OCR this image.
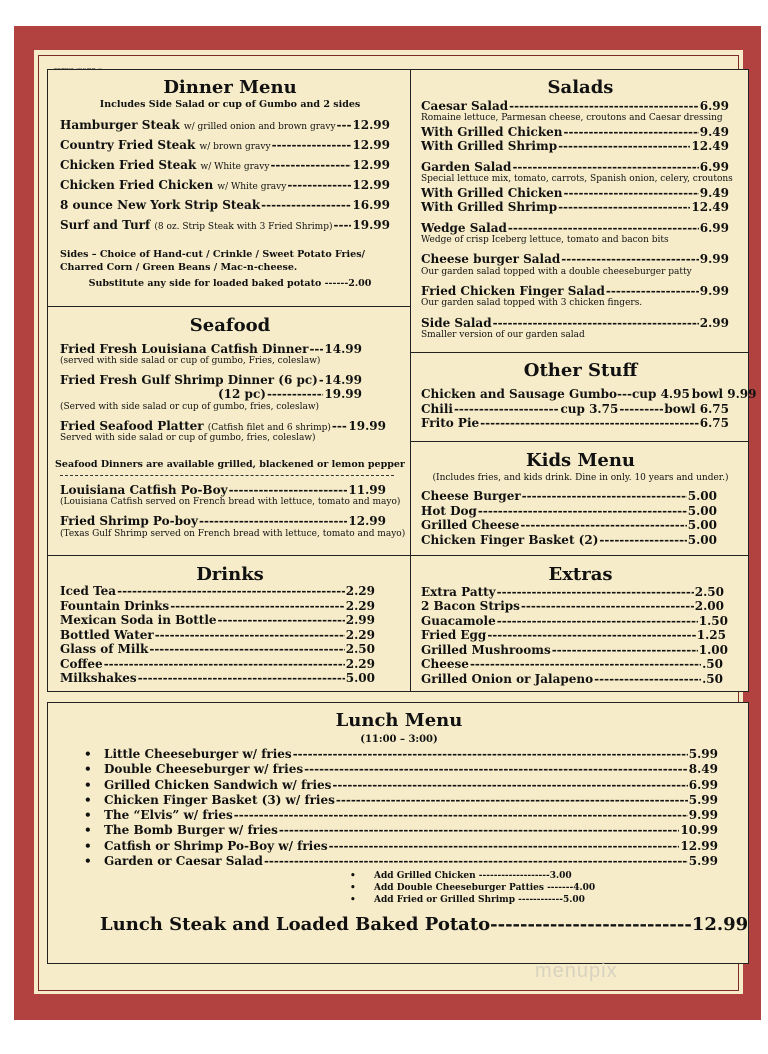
Dinner Menu
Includes Side Salad or cup of Gumbo and 2 sides
Hamburger Steak w/ grilled onion and brown gravy ----- 12.99
Country Fried Steak w/ brown gravy -----	12.99
Chicken Fried Steak w/ White gravy -----	12.99
Chicken Fried Chicken w/ White gravy -----	12.99
8 ounce New York Strip Steak -----	16.99
Surf and Turf (8 oz. Strip Steak with 3 Fried Shrimp) ----- 19.99
Sides – Choice of Hand-cut / Crinkle / Sweet Potato Fries/ Charred Corn / Green Beans / Mac-n-cheese.
Substitute any side for loaded baked potato ------2.00
Seafood
Fried Fresh Louisiana Catfish Dinner ----- 14.99
(served with side salad or cup of gumbo, Fries, coleslaw)
Fried Fresh Gulf Shrimp Dinner (6 pc) ----- 14.99
(12 pc) -----	19.99
(Served with side salad or cup of gumbo, fries, coleslaw)
Fried Seafood Platter (Catfish filet and 6 shrimp) ----- 19.99
Served with side salad or cup of gumbo, fries, coleslaw)
Seafood Dinners are available grilled, blackened or lemon pepper
Louisiana Catfish Po-Boy -----	11.99
(Louisiana Catfish served on French bread with lettuce, tomato and mayo)
Fried Shrimp Po-boy -----	12.99
(Texas Gulf Shrimp served on French bread with lettuce, tomato and mayo)
Salads
Caesar Salad -----	6.99
Romaine lettuce, Parmesan cheese, croutons and Caesar dressing
With Grilled Chicken -----	9.49
With Grilled Shrimp -----	12.49
Garden Salad -----	6.99
Special lettuce mix, tomato, carrots, Spanish onion, celery, croutons
With Grilled Chicken -----	9.49
With Grilled Shrimp -----	12.49
Wedge Salad -----	6.99
Wedge of crisp Iceberg lettuce, tomato and bacon bits
Cheese burger Salad -----	9.99
Our garden salad topped with a double cheeseburger patty
Fried Chicken Finger Salad -----	9.99
Our garden salad topped with 3 chicken fingers.
Side Salad -----	2.99
Smaller version of our garden salad
Other Stuff
Chicken and Sausage Gumbo---cup 4.95 bowl 9.99
Chili -----	cup 3.75 -----	bowl 6.75
Frito Pie -----	6.75
Kids Menu
(Includes fries, and kids drink. Dine in only. 10 years and under.)
Cheese Burger -----	5.00
Hot Dog -----	5.00
Grilled Cheese -----	5.00
Chicken Finger Basket (2) -----	5.00
Drinks
Iced Tea -----	2.29
Fountain Drinks -----	2.29
Mexican Soda in Bottle -----	2.99
Bottled Water -----	2.29
Glass of Milk -----	2.50
Coffee -----	2.29
Milkshakes -----	5.00
Extras
Extra Patty -----	2.50
2 Bacon Strips -----	2.00
Guacamole -----	1.50
Fried Egg -----	1.25
Grilled Mushrooms -----	1.00
Cheese -----	.50
Grilled Onion or Jalapeno -----	.50
Lunch Menu
(11:00 – 3:00)
• Little Cheeseburger w/ fries -----	5.99
• Double Cheeseburger w/ fries -----	8.49
• Grilled Chicken Sandwich w/ fries -----	6.99
• Chicken Finger Basket (3) w/ fries -----	5.99
• The “Elvis” w/ fries -----	9.99
• The Bomb Burger w/ fries -----	10.99
• Catfish or Shrimp Po-Boy w/ fries -----	12.99
• Garden or Caesar Salad -----	5.99
• Add Grilled Chicken -------------------3.00
• Add Double Cheeseburger Patties -------4.00
• Add Fried or Grilled Shrimp ------------5.00
Lunch Steak and Loaded Baked Potato---------------------------12.99
menupix
